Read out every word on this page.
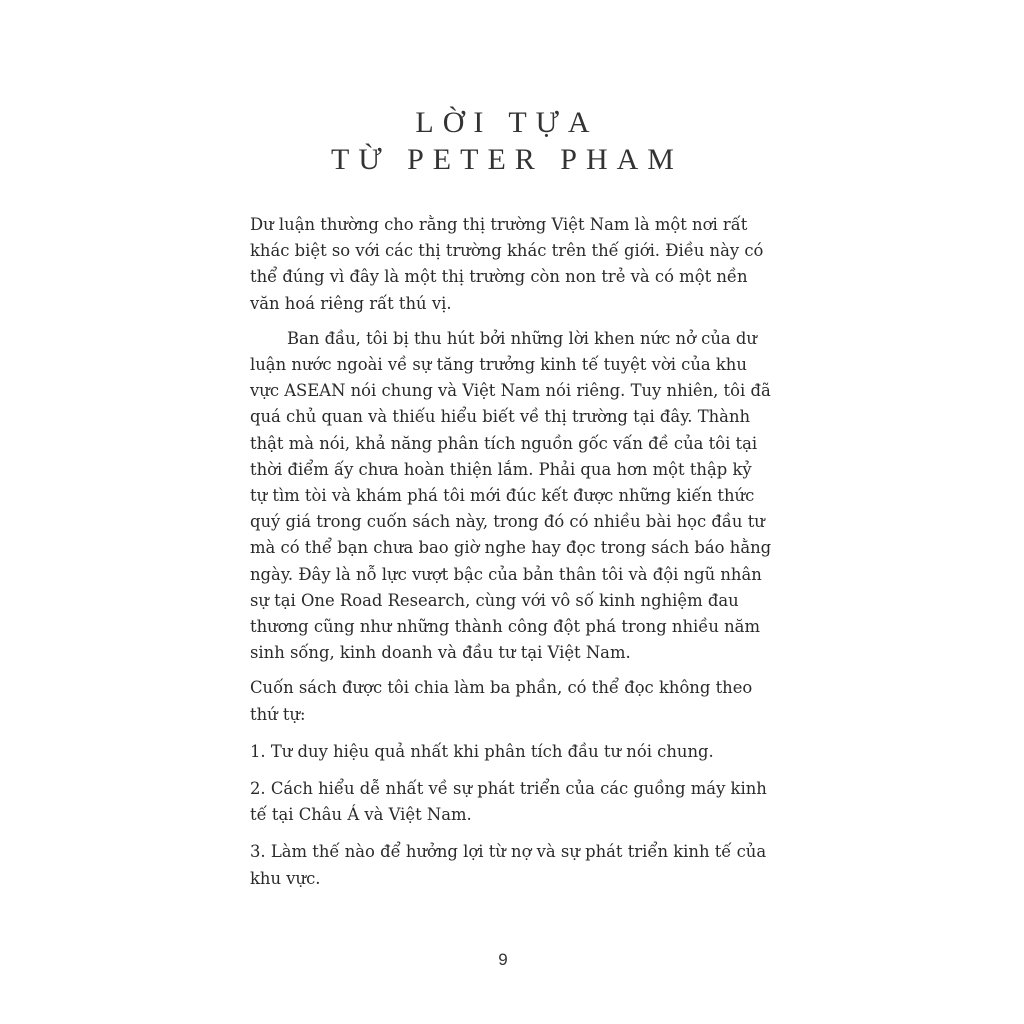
LỜI TỰA
TỪ PETER PHAM

Dư luận thường cho rằng thị trường Việt Nam là một nơi rất khác biệt so với các thị trường khác trên thế giới. Điều này có thể đúng vì đây là một thị trường còn non trẻ và có một nền văn hoá riêng rất thú vị.

Ban đầu, tôi bị thu hút bởi những lời khen nức nở của dư luận nước ngoài về sự tăng trưởng kinh tế tuyệt vời của khu vực ASEAN nói chung và Việt Nam nói riêng. Tuy nhiên, tôi đã quá chủ quan và thiếu hiểu biết về thị trường tại đây. Thành thật mà nói, khả năng phân tích nguồn gốc vấn đề của tôi tại thời điểm ấy chưa hoàn thiện lắm. Phải qua hơn một thập kỷ tự tìm tòi và khám phá tôi mới đúc kết được những kiến thức quý giá trong cuốn sách này, trong đó có nhiều bài học đầu tư mà có thể bạn chưa bao giờ nghe hay đọc trong sách báo hằng ngày. Đây là nỗ lực vượt bậc của bản thân tôi và đội ngũ nhân sự tại One Road Research, cùng với vô số kinh nghiệm đau thương cũng như những thành công đột phá trong nhiều năm sinh sống, kinh doanh và đầu tư tại Việt Nam.

Cuốn sách được tôi chia làm ba phần, có thể đọc không theo thứ tự:

1. Tư duy hiệu quả nhất khi phân tích đầu tư nói chung.

2. Cách hiểu dễ nhất về sự phát triển của các guồng máy kinh tế tại Châu Á và Việt Nam.

3. Làm thế nào để hưởng lợi từ nợ và sự phát triển kinh tế của khu vực.

9
